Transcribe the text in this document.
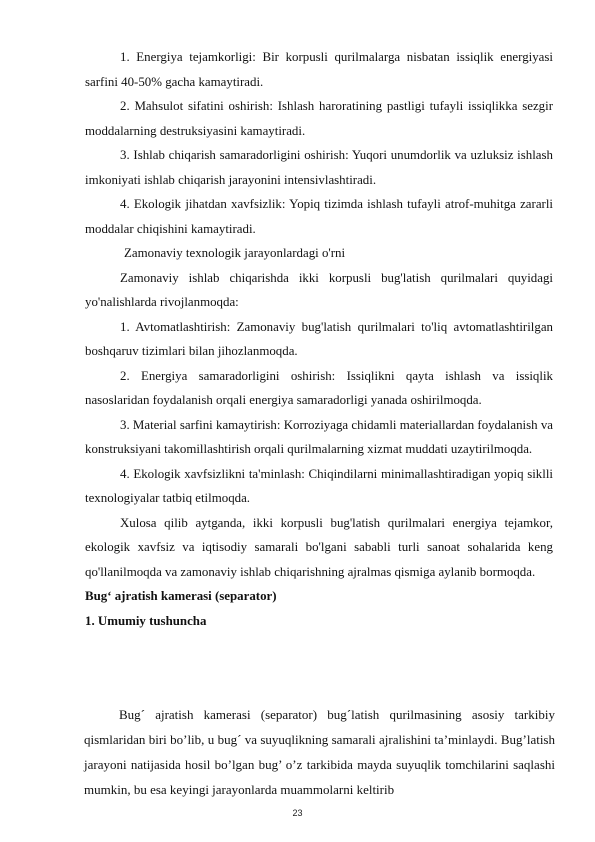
1. Energiya tejamkorligi: Bir korpusli qurilmalarga nisbatan issiqlik energiyasi sarfini 40-50% gacha kamaytiradi.

2. Mahsulot sifatini oshirish: Ishlash haroratining pastligi tufayli issiqlikka sezgir moddalarning destruksiyasini kamaytiradi.

3. Ishlab chiqarish samaradorligini oshirish: Yuqori unumdorlik va uzluksiz ishlash imkoniyati ishlab chiqarish jarayonini intensivlashtiradi.

4. Ekologik jihatdan xavfsizlik: Yopiq tizimda ishlash tufayli atrof-muhitga zararli moddalar chiqishini kamaytiradi.

Zamonaviy texnologik jarayonlardagi o'rni

Zamonaviy ishlab chiqarishda ikki korpusli bug'latish qurilmalari quyidagi yo'nalishlarda rivojlanmoqda:

1. Avtomatlashtirish: Zamonaviy bug'latish qurilmalari to'liq avtomatlashtirilgan boshqaruv tizimlari bilan jihozlanmoqda.

2. Energiya samaradorligini oshirish: Issiqlikni qayta ishlash va issiqlik nasoslaridan foydalanish orqali energiya samaradorligi yanada oshirilmoqda.

3. Material sarfini kamaytirish: Korroziyaga chidamli materiallardan foydalanish va konstruksiyani takomillashtirish orqali qurilmalarning xizmat muddati uzaytirilmoqda.

4. Ekologik xavfsizlikni ta'minlash: Chiqindilarni minimallashtiradigan yopiq siklli texnologiyalar tatbiq etilmoqda.

Xulosa qilib aytganda, ikki korpusli bug'latish qurilmalari energiya tejamkor, ekologik xavfsiz va iqtisodiy samarali bo'lgani sababli turli sanoat sohalarida keng qo'llanilmoqda va zamonaviy ishlab chiqarishning ajralmas qismiga aylanib bormoqda.

Bug‘ ajratish kamerasi (separator)

1. Umumiy tushuncha

Bug´ ajratish kamerasi (separator) bug´latish qurilmasining asosiy tarkibiy qismlaridan biri bo’lib, u bug´ va suyuqlikning samarali ajralishini ta’minlaydi. Bug’latish jarayoni natijasida hosil bo’lgan bug’ o’z tarkibida mayda suyuqlik tomchilarini saqlashi mumkin, bu esa keyingi jarayonlarda muammolarni keltirib

23
